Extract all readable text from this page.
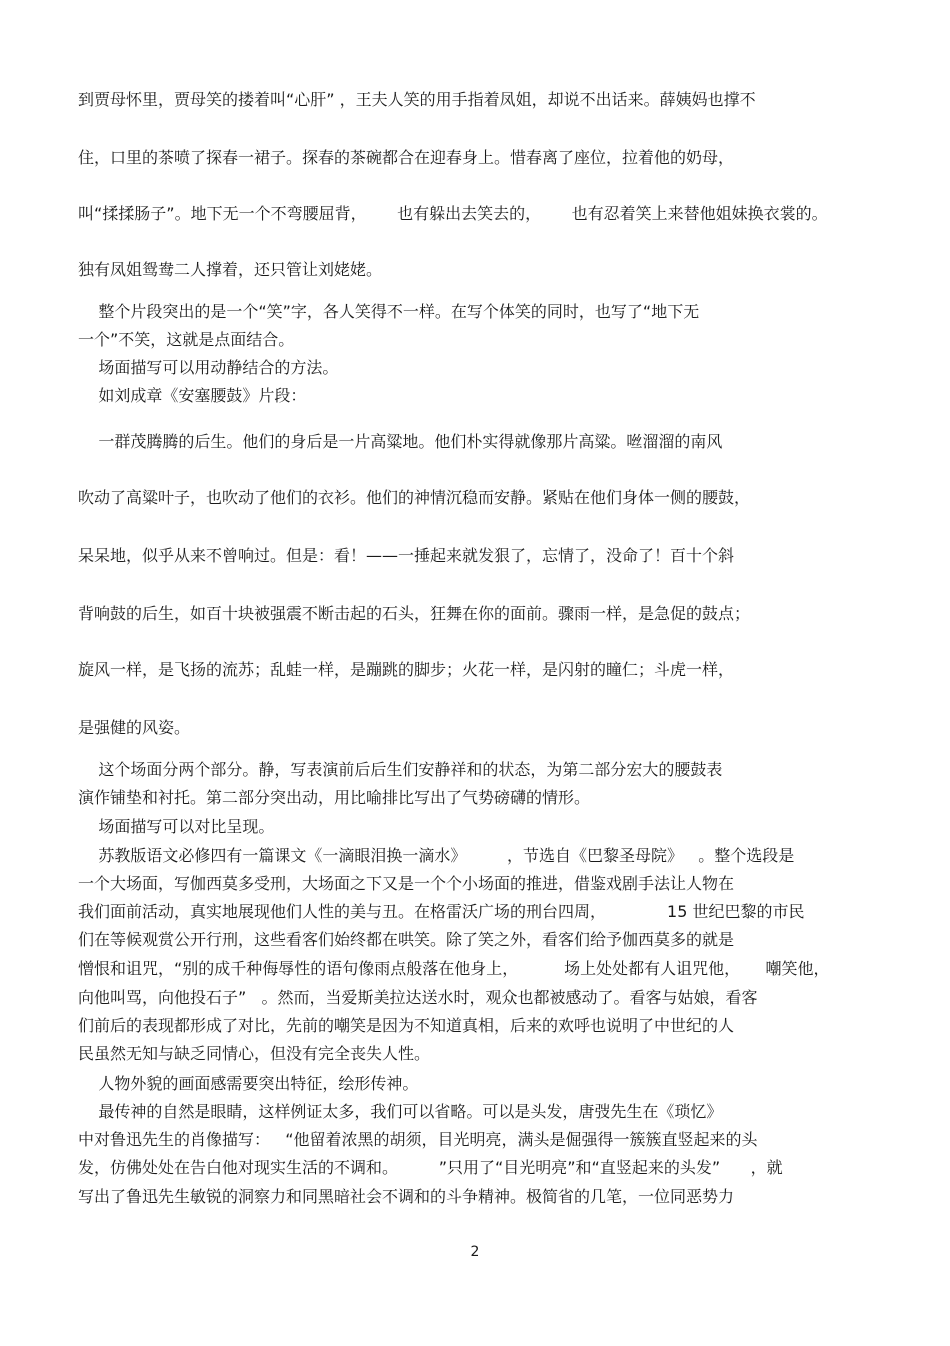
到贾母怀里，贾母笑的搂着叫“心肝” ，王夫人笑的用手指着凤姐，却说不出话来。薛姨妈也撑不

住，口里的茶喷了探春一裙子。探春的茶碗都合在迎春身上。惜春离了座位，拉着他的奶母，

叫“揉揉肠子”。地下无一个不弯腰屈背，      也有躲出去笑去的，      也有忍着笑上来替他姐妹换衣裳的。

独有凤姐鸳鸯二人撑着，还只管让刘姥姥。

整个片段突出的是一个“笑”字，各人笑得不一样。在写个体笑的同时，也写了“地下无

一个”不笑，这就是点面结合。

场面描写可以用动静结合的方法。

如刘成章《安塞腰鼓》片段：

一群茂腾腾的后生。他们的身后是一片高粱地。他们朴实得就像那片高粱。咝溜溜的南风

吹动了高粱叶子，也吹动了他们的衣衫。他们的神情沉稳而安静。紧贴在他们身体一侧的腰鼓，

呆呆地，似乎从来不曾响过。但是：看！——一捶起来就发狠了，忘情了，没命了！百十个斜

背响鼓的后生，如百十块被强震不断击起的石头，狂舞在你的面前。骤雨一样，是急促的鼓点；

旋风一样，是飞扬的流苏；乱蛙一样，是蹦跳的脚步；火花一样，是闪射的瞳仁；斗虎一样，

是强健的风姿。

这个场面分两个部分。静，写表演前后后生们安静祥和的状态，为第二部分宏大的腰鼓表

演作铺垫和衬托。第二部分突出动，用比喻排比写出了气势磅礴的情形。

场面描写可以对比呈现。

苏教版语文必修四有一篇课文《一滴眼泪换一滴水》        ，节选自《巴黎圣母院》   。整个选段是

一个大场面，写伽西莫多受刑，大场面之下又是一个个小场面的推进，借鉴戏剧手法让人物在

我们面前活动，真实地展现他们人性的美与丑。在格雷沃广场的刑台四周，            15 世纪巴黎的市民

们在等候观赏公开行刑，这些看客们始终都在哄笑。除了笑之外，看客们给予伽西莫多的就是

憎恨和诅咒，“别的成千种侮辱性的语句像雨点般落在他身上，         场上处处都有人诅咒他，     嘲笑他，

向他叫骂，向他投石子”   。然而，当爱斯美拉达送水时，观众也都被感动了。看客与姑娘，看客

们前后的表现都形成了对比，先前的嘲笑是因为不知道真相，后来的欢呼也说明了中世纪的人

民虽然无知与缺乏同情心，但没有完全丧失人性。

人物外貌的画面感需要突出特征，绘形传神。

最传神的自然是眼睛，这样例证太多，我们可以省略。可以是头发，唐弢先生在《琐忆》

中对鲁迅先生的肖像描写：   “他留着浓黑的胡须，目光明亮，满头是倔强得一簇簇直竖起来的头

发，仿佛处处在告白他对现实生活的不调和。        ”只用了“目光明亮”和“直竖起来的头发”      ，就

写出了鲁迅先生敏锐的洞察力和同黑暗社会不调和的斗争精神。极简省的几笔，一位同恶势力

2
